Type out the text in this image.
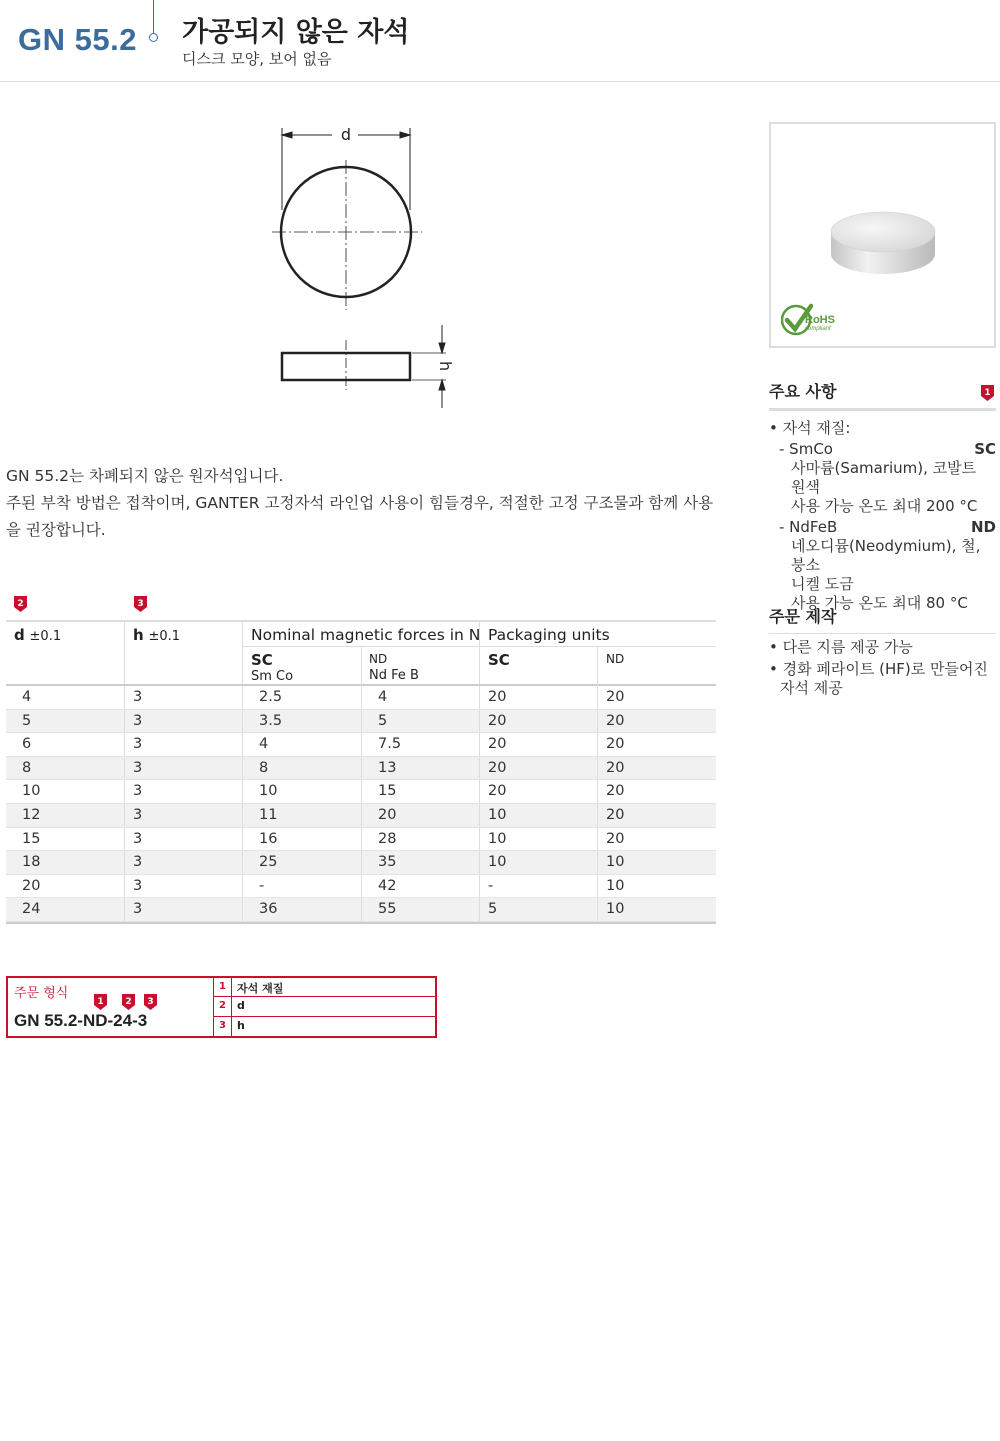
GN 55.2 가공되지 않은 자석
디스크 모양, 보어 없음
d
h
RoHS
compliant
GN 55.2는 차폐되지 않은 원자석입니다.
주된 부착 방법은 접착이며, GANTER 고정자석 라인업 사용이 힘들경우, 적절한 고정 구조물과 함께 사용
을 권장합니다.
2	3
d ±0.1	h ±0.1	Nominal magnetic forces in N Packaging units
SC
Sm Co
ND
Nd Fe B
SC	ND
4	3	2.5	4	20	20
5	3	3.5	5	20	20
6	3	4	7.5	20	20
8	3	8	13	20	20
10	3	10	15	20	20
12	3	11	20	10	20
15	3	16	28	10	20
18	3	25	35	10	10
20	3	-	42	-	10
24	3	36	55	5	10
주문 형식
1 2 3
GN 55.2-ND-24-3
1 자석 재질
2 d
3 h
주요 사항	1
• 자석 재질:
- SmCo	SC
사마륨(Samarium), 코발트
원색
사용 가능 온도 최대 200 °C
- NdFeB	ND
네오디뮴(Neodymium), 철, 붕소
니켈 도금
사용 가능 온도 최대 80 °C
주문 제작
• 다른 지름 제공 가능
• 경화 페라이트 (HF)로 만들어진
자석 제공
